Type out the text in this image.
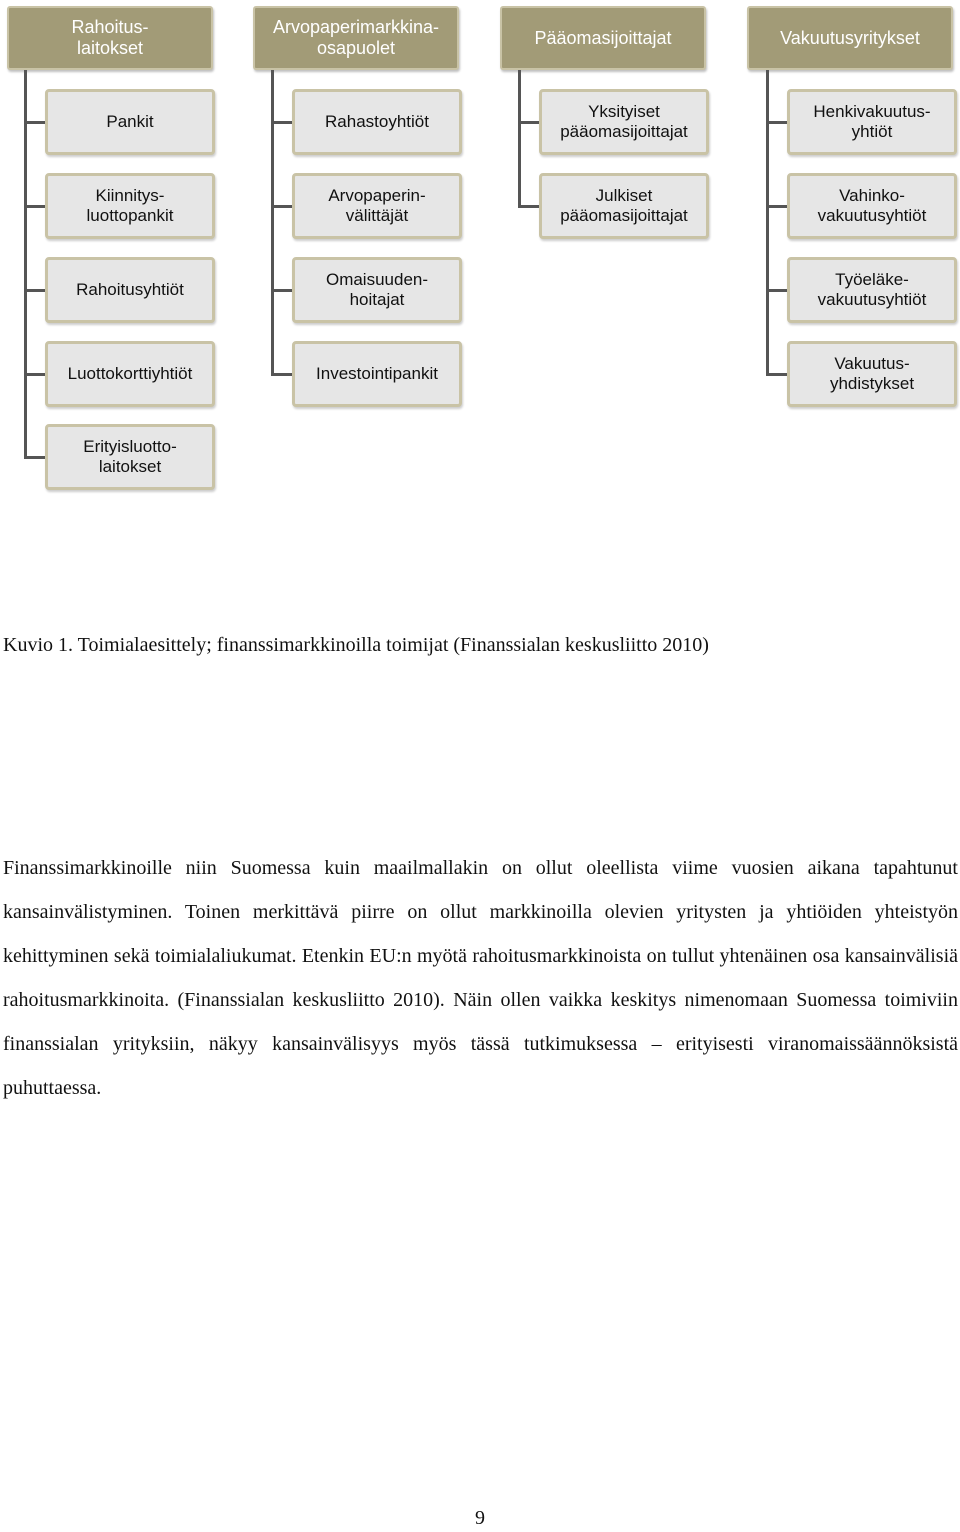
Rahoitus-
laitokset
Pankit
Kiinnitys-
luottopankit
Rahoitusyhtiöt
Luottokorttiyhtiöt
Erityisluotto-
laitokset
Arvopaperimarkkina-
osapuolet
Rahastoyhtiöt
Arvopaperin-
välittäjät
Omaisuuden-
hoitajat
Investointipankit
Pääomasijoittajat
Yksityiset
pääomasijoittajat
Julkiset
pääomasijoittajat
Vakuutusyritykset
Henkivakuutus-
yhtiöt
Vahinko-
vakuutusyhtiöt
Työeläke-
vakuutusyhtiöt
Vakuutus-
yhdistykset
Kuvio 1. Toimialaesittely; finanssimarkkinoilla toimijat (Finanssialan keskusliitto 2010)
Finanssimarkkinoille niin Suomessa kuin maailmallakin on ollut oleellista viime vuosien aikana tapahtunut kansainvälistyminen. Toinen merkittävä piirre on ollut markkinoilla olevien yritysten ja yhtiöiden yhteistyön kehittyminen sekä toimialaliukumat. Etenkin EU:n myötä rahoitusmarkkinoista on tullut yhtenäinen osa kansainvälisiä rahoitusmarkkinoita. (Finanssialan keskusliitto 2010). Näin ollen vaikka keskitys nimenomaan Suomessa toimiviin finanssialan yrityksiin, näkyy kansainvälisyys myös tässä tutkimuksessa – erityisesti viranomaissäännöksistä puhuttaessa.
9
